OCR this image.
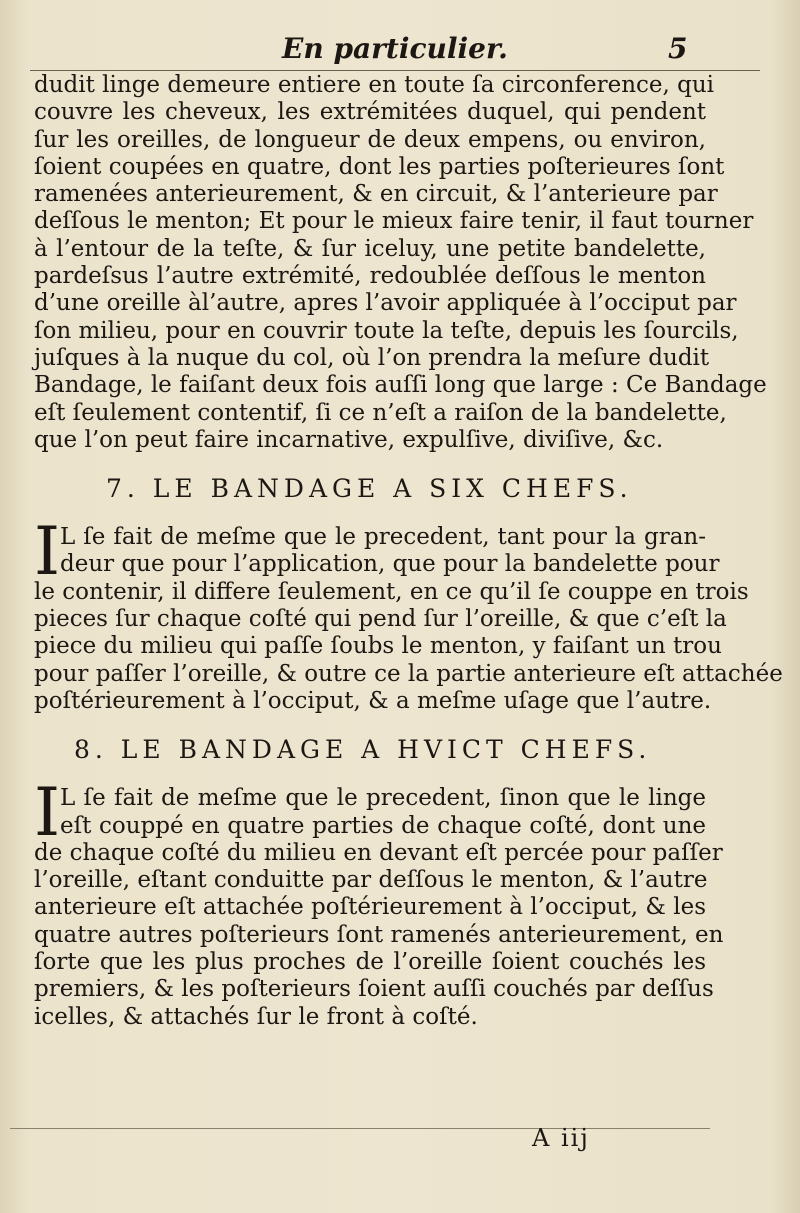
En particulier.	5
dudit linge demeure entiere en toute ſa circonference, qui
couvre les cheveux, les extrémitées duquel, qui pendent
ſur les oreilles, de longueur de deux empens, ou environ,
ſoient coupées en quatre, dont les parties poſterieures ſont
ramenées anterieurement, & en circuit, & l’anterieure par
deſſous le menton; Et pour le mieux faire tenir, il faut tourner
à l’entour de la teſte, & ſur iceluy, une petite bandelette,
pardeſsus l’autre extrémité, redoublée deſſous le menton
d’une oreille àl’autre, apres l’avoir appliquée à l’occiput par
ſon milieu, pour en couvrir toute la teſte, depuis les ſourcils,
juſques à la nuque du col, où l’on prendra la meſure dudit
Bandage, le faiſant deux fois auſſi long que large : Ce Bandage
eſt ſeulement contentif, ſi ce n’eſt a raiſon de la bandelette,
que l’on peut faire incarnative, expulſive, diviſive, &c.
7. LE BANDAGE A SIX CHEFS.
I L ſe fait de meſme que le precedent, tant pour la gran-
deur que pour l’application, que pour la bandelette pour
le contenir, il differe ſeulement, en ce qu’il ſe couppe en trois
pieces ſur chaque coſté qui pend ſur l’oreille, & que c’eſt la
piece du milieu qui paſſe ſoubs le menton, y faiſant un trou
pour paſſer l’oreille, & outre ce la partie anterieure eſt attachée
poſtérieurement à l’occiput, & a meſme uſage que l’autre.
8. LE BANDAGE A HVICT CHEFS.
I L ſe fait de meſme que le precedent, ſinon que le linge
eſt couppé en quatre parties de chaque coſté, dont une
de chaque coſté du milieu en devant eſt percée pour paſſer
l’oreille, eſtant conduitte par deſſous le menton, & l’autre
anterieure eſt attachée poſtérieurement à l’occiput, & les
quatre autres poſterieurs ſont ramenés anterieurement, en
ſorte que les plus proches de l’oreille ſoient couchés les
premiers, & les poſterieurs ſoient auſſi couchés par deſſus
icelles, & attachés ſur le front à coſté.
A iij
